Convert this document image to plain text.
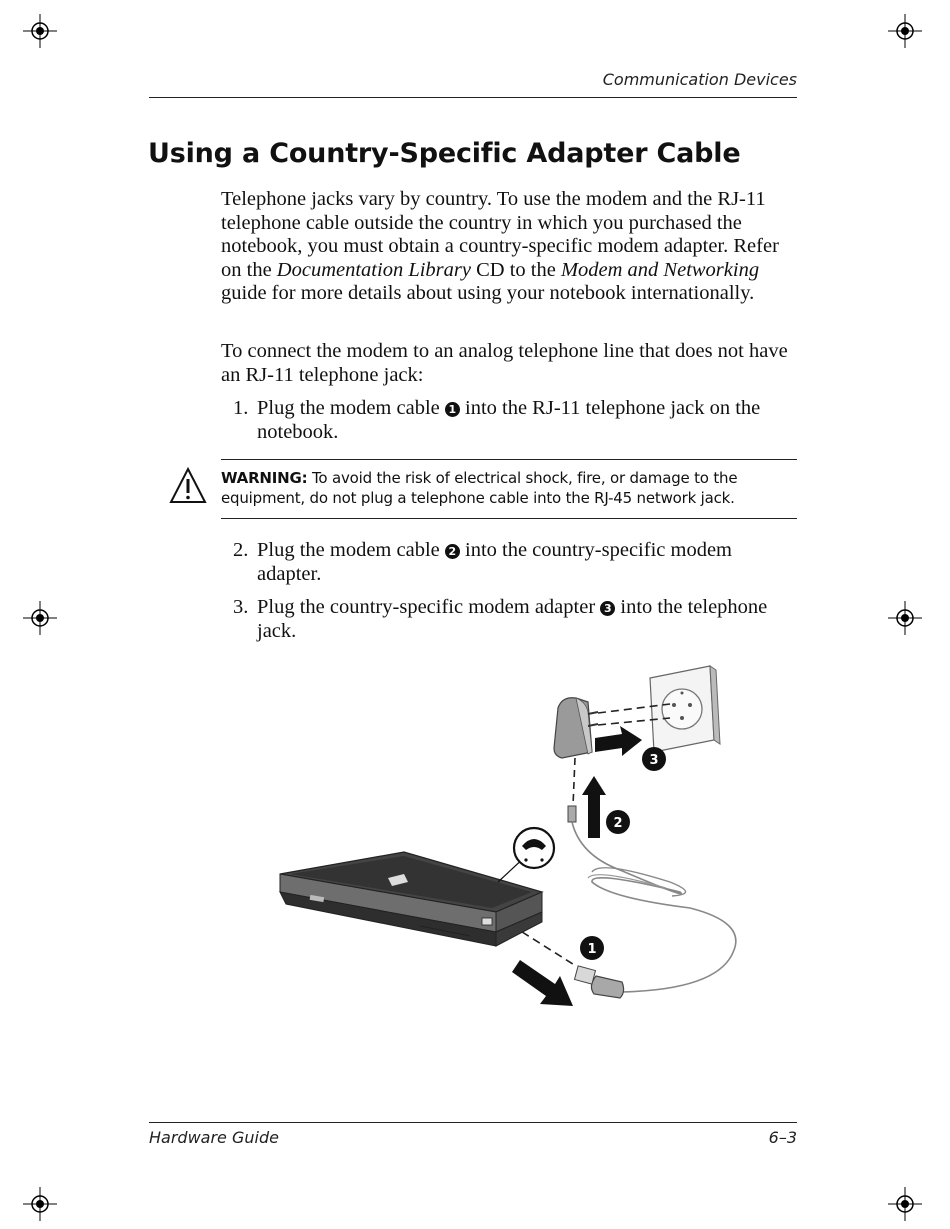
Communication Devices
Using a Country-Specific Adapter Cable

Telephone jacks vary by country. To use the modem and the RJ-11 telephone cable outside the country in which you purchased the notebook, you must obtain a country-specific modem adapter. Refer on the Documentation Library CD to the Modem and Networking guide for more details about using your notebook internationally.

To connect the modem to an analog telephone line that does not have an RJ-11 telephone jack:

1. Plug the modem cable 1 into the RJ-11 telephone jack on the notebook.
WARNING: To avoid the risk of electrical shock, fire, or damage to the equipment, do not plug a telephone cable into the RJ-45 network jack.
2. Plug the modem cable 2 into the country-specific modem adapter.
3. Plug the country-specific modem adapter 3 into the telephone jack.
3
2
1
Hardware Guide	6–3
